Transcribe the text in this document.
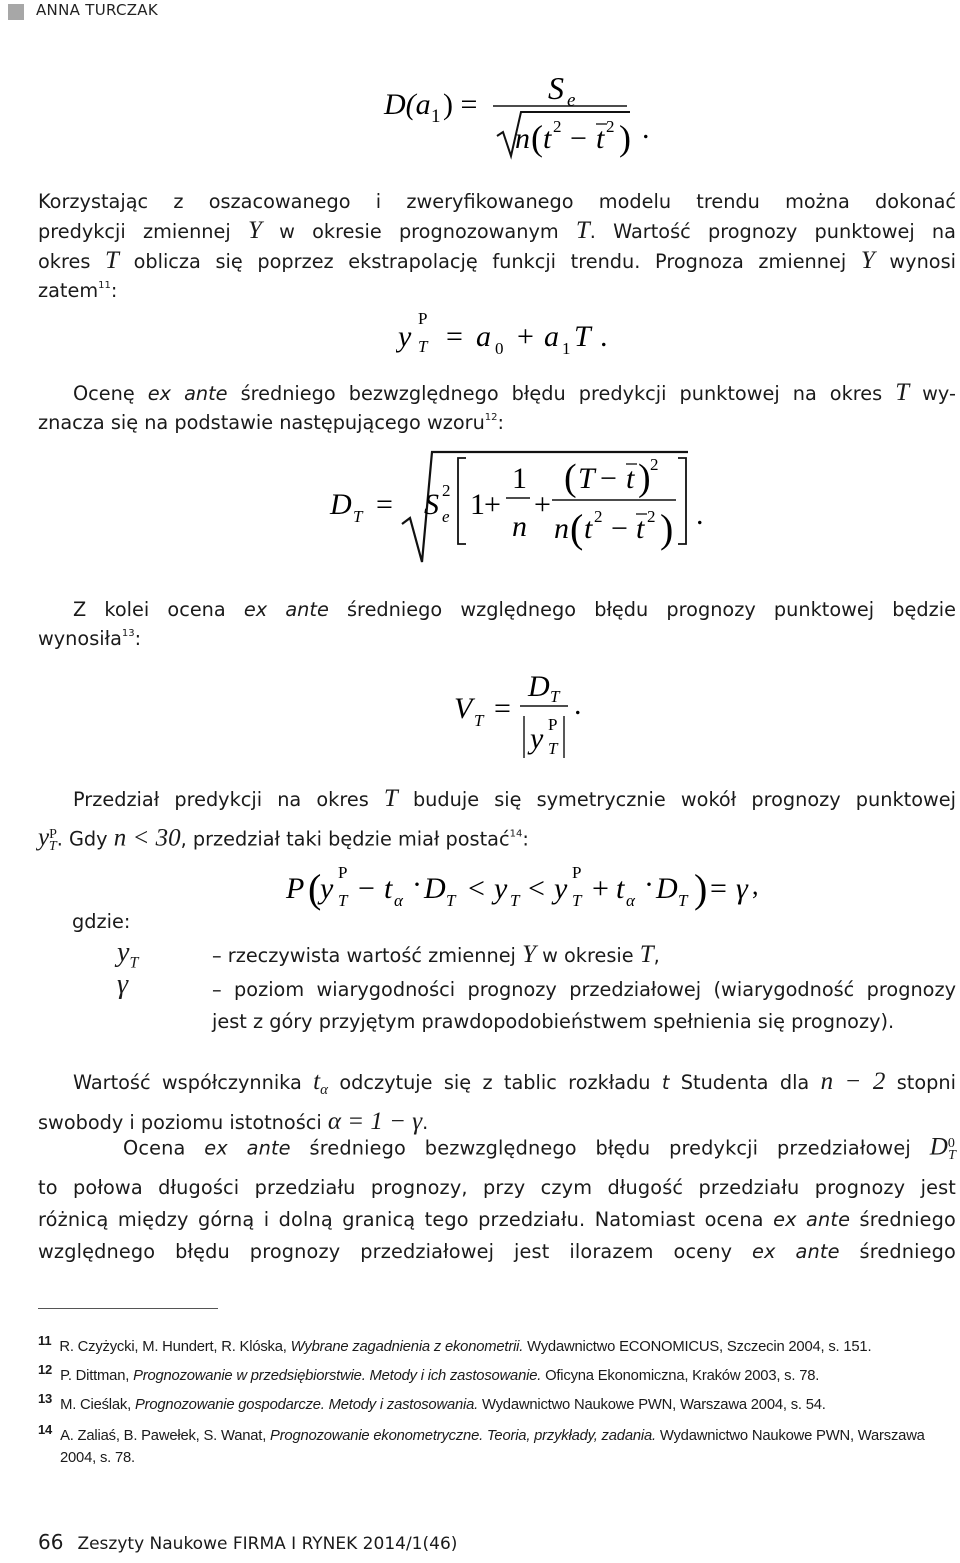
ANNA TURCZAK
D(a 1 ) = S e
n ( t 2 − t 2 ) .

Korzystając z oszacowanego i zweryfikowanego modelu trendu można dokonać

predykcji zmiennej Y w okresie prognozowanym T. Wartość prognozy punktowej na

okres T oblicza się poprzez ekstrapolację funkcji trendu. Prognoza zmiennej Y wynosi

zatem$^{11}$:

y
P
T = a 0 + a 1 T .

Ocenę ex ante średniego bezwzględnego błędu predykcji punktowej na okres T wy-

znacza się na podstawie następującego wzoru$^{12}$:

D T = S 2
e 1 +
1
n
+
( T − t ) 2
n ( t 2 − t 2 ) .

Z kolei ocena ex ante średniego względnego błędu prognozy punktowej będzie

wynosiła$^{13}$:

V T =
D T
y P
T
.

Przedział predykcji na okres T buduje się symetrycznie wokół prognozy punktowej

$y^P_T$. Gdy n < 30, przedział taki będzie miał postać$^{14}$:

P (
y P
T − t α · D T < y T < y P
T + t α · D T ) = γ ,
gdzie:
$y_T$	– rzeczywista wartość zmiennej Y w okresie T,
γ	– poziom wiarygodności prognozy przedziałowej (wiarygodność prognozy

jest z góry przyjętym prawdopodobieństwem spełnienia się prognozy).

Wartość współczynnika $t_\alpha$ odczytuje się z tablic rozkładu t Studenta dla n − 2 stopni

swobody i poziomu istotności α = 1 − γ.

Ocena ex ante średniego bezwzględnego błędu predykcji przedziałowej $D^0_T$

to połowa długości przedziału prognozy, przy czym długość przedziału prognozy jest

różnicą między górną i dolną granicą tego przedziału. Natomiast ocena ex ante średniego

względnego błędu prognozy przedziałowej jest ilorazem oceny ex ante średniego

11 R. Czyżycki, M. Hundert, R. Klóska, Wybrane zagadnienia z ekonometrii. Wydawnictwo ECONOMICUS, Szczecin 2004, s. 151.
12 P. Dittman, Prognozowanie w przedsiębiorstwie. Metody i ich zastosowanie. Oficyna Ekonomiczna, Kraków 2003, s. 78.
13 M. Cieślak, Prognozowanie gospodarcze. Metody i zastosowania. Wydawnictwo Naukowe PWN, Warszawa 2004, s. 54.
14 A. Zaliaś, B. Pawełek, S. Wanat, Prognozowanie ekonometryczne. Teoria, przykłady, zadania. Wydawnictwo Naukowe PWN, Warszawa
2004, s. 78.
66 Zeszyty Naukowe FIRMA I RYNEK 2014/1(46)
